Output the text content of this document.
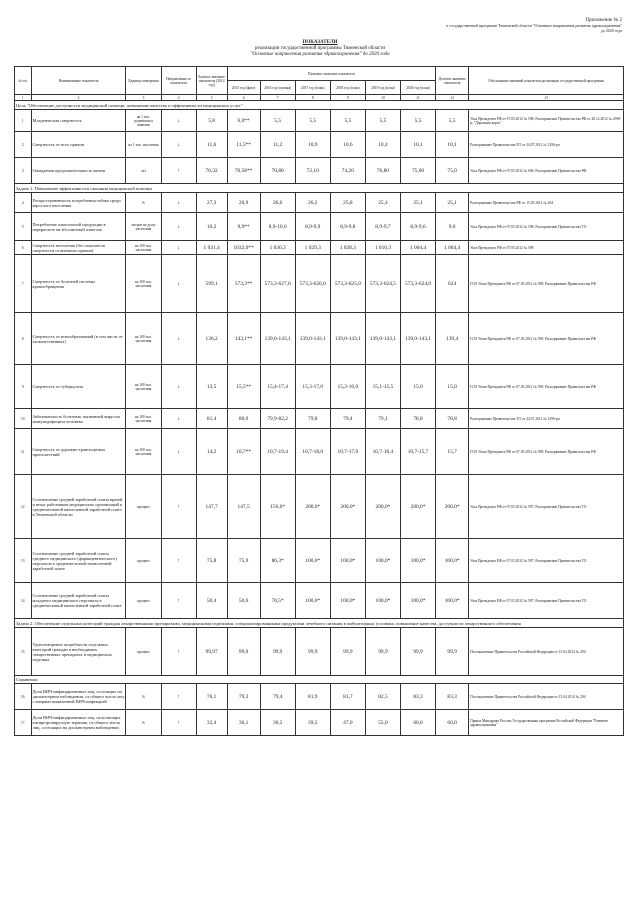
Приложение № 2
к государственной программе Тюменской области "Основные направления развития здравоохранения"
до 2020 года
ПОКАЗАТЕЛИ
реализации государственной программы Тюменской области
"Основные направления развития здравоохранения" до 2020 года
№ п/п	Наименование показателя	Единица измерения	Направленность показателя	Базовое значение показателя (2014 год)	Плановое значение показателя						Целевое значение показателя	Обоснование значений показателя реализации государственной программы
					2015 год (факт)	2016 год (оценка)	2017 год (план)	2018 год (план)	2019 год (план)	2020 год (план)		
1	2	3	4	5	6	7	8	9	10	11	12	13
Цель "Обеспечение доступности медицинской помощи, повышение качества и эффективности медицинских услуг"												
1	Младенческая смертность	на 1 тыс. родившихся живыми	↓	5,8	6,0**	5,5	5,5	5,5	5,5	5,5	5,5	Указ Президента РФ от 07.05.2012 № 598; Распоряжение Правительства РФ от 28.12.2012 № 2599-р; "Дорожная карта"
2	Смертность от всех причин	на 1 тыс. населения	↓	11,6	11,5**	11,2	10,9	10,6	10,4	10,1	10,1	Распоряжение Правительства ТО от 24.07.2012 № 1296-рп
3	Ожидаемая продолжительность жизни	лет	↑	70,32	70,58**	70,80	72,10	74,20	76,80	75,00	75,0	Указ Президента РФ от 07.05.2012 № 606; Распоряжение Правительства РФ
Задача 1. Повышение эффективности оказания медицинской помощи												
4	Распространенность потребления табака среди взрослого населения	%	↓	27,3	26,9	26,6	26,2	25,8	25,4	25,1	25,1	Распоряжение Правительства РФ от 15.05.2014 № 294
5	Потребление алкогольной продукции в перерасчете на абсолютный алкоголь	литров на душу населения	↓	10,2	9,9**	8,9-10,0	8,9-9,9	8,9-9,8	8,9-9,7	8,9-9,6	9,6	Указ Президента РФ от 07.05.2012 № 598; Распоряжение Правительства ТО
6	Смертность населения (без показателя смертности от внешних причин)	на 100 тыс. населения	↓	1 031,4	1032,0**	1 030,3	1 029,3	1 028,3	1 010,3	1 004,4	1 004,4	Указ Президента РФ от 07.05.2012 № 598
7	Смертность от болезней системы кровообращения	на 100 тыс. населения	↓	599,1	573,3**	573,3-627,0	573,3-626,0	573,3-625,0	573,3-624,5	573,3-624,0	624	П.19 Указа Президента РФ от 07.05.2012 № 598; Распоряжение Правительства РФ
8	Смертность от новообразований (в том числе от злокачественных)	на 100 тыс. населения	↓	136,2	143,1**	139,0-143,1	139,0-143,1	139,0-143,1	139,0-143,1	139,0-143,1	139,4	П.19 Указа Президента РФ от 07.05.2012 № 598; Распоряжение Правительства РФ
9	Смертность от туберкулеза	на 100 тыс. населения	↓	13,5	15,5**	15,4-17,4	15,3-17,0	15,2-16,0	15,1-15,5	15,0	15,0	П.19 Указа Президента РФ от 07.05.2012 № 598; Распоряжение Правительства РФ
10	Заболеваемость болезнью, вызванной вирусом иммунодефицита человека	на 100 тыс. населения	↓	81,4	80,0	79,9-82,2	79,8	79,4	79,1	78,8	78,8	Распоряжение Правительства ТО от 24.07.2012 № 1296-рп
11	Смертность от дорожно-транспортных происшествий	на 100 тыс. населения	↓	14,2	10,7**	10,7-19,4	10,7-18,0	10,7-17,0	10,7-16,4	10,7-15,7	15,7	П.19 Указа Президента РФ от 07.05.2012 № 598; Распоряжение Правительства РФ
12	Соотношение средней заработной платы врачей и иных работников медицинских организаций к среднемесячной начисленной заработной плате в Тюменской области	процент	↑	147,7	147,5	156,6*	200,0*	200,0*	200,0*	200,0*	200,0*	Указ Президента РФ от 07.05.2012 № 597; Распоряжение Правительства ТО
13	Соотношение средней заработной платы среднего медицинского (фармацевтического) персонала к среднемесячной начисленной заработной плате	процент	↑	75,8	75,9	86,3*	100,0*	100,0*	100,0*	100,0*	100,0*	Указ Президента РФ от 07.05.2012 № 597; Распоряжение Правительства ТО
14	Соотношение средней заработной платы младшего медицинского персонала к среднемесячной начисленной заработной плате	процент	↑	50,4	50,6	70,5*	100,0*	100,0*	100,0*	100,0*	100,0*	Указ Президента РФ от 07.05.2012 № 597; Распоряжение Правительства ТО
Задача 2. Обеспечение отдельных категорий граждан лекарственными препаратами, медицинскими изделиями, специализированными продуктами лечебного питания в амбулаторных условиях, повышение качества, доступности лекарственного обеспечения												
15	Удовлетворение потребности отдельных категорий граждан в необходимых лекарственных препаратах и медицинских изделиях	процент	↑	99,97	99,0	99,9	99,9	99,9	99,9	99,9	99,9	Постановление Правительства Российской Федерации от 15.04.2014 № 294
Справочно:												
16	Доля ВИЧ-инфицированных лиц, состоящих на диспансерном наблюдении, от общего числа лиц с впервые выявленной ВИЧ-инфекцией	%	↑	76,1	79,3	79,4	81,9	81,7	82,5	83,3	83,3	Постановление Правительства Российской Федерации от 15.04.2014 № 294
17	Доля ВИЧ-инфицированных лиц, получающих антиретровирусную терапию, от общего числа лиц, состоящих на диспансерном наблюдении	%	↑	32,4	36,1	36,2	39,2	47,0	55,0	60,0	60,0	Приказ Минздрава России; Государственная программа Российской Федерации "Развитие здравоохранения"
